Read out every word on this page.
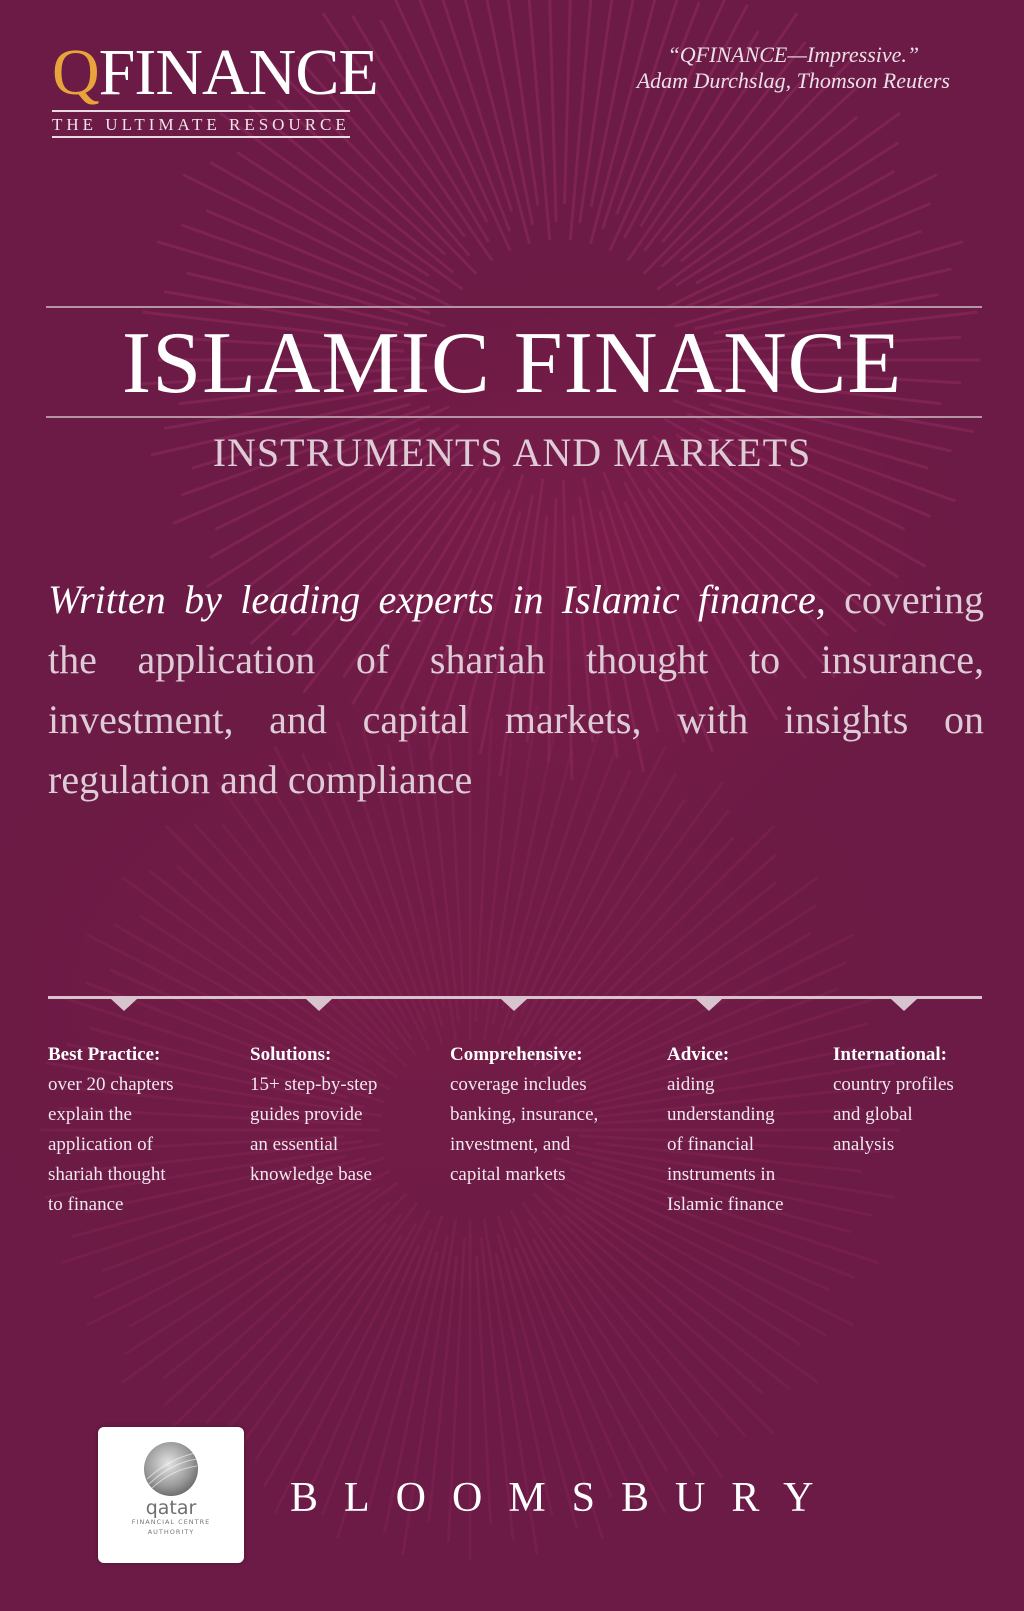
QFINANCE
THE ULTIMATE RESOURCE
“QFINANCE—Impressive.”
Adam Durchslag, Thomson Reuters
ISLAMIC FINANCE
INSTRUMENTS AND MARKETS
Written by leading experts in Islamic finance, covering the application of shariah thought to insurance, investment, and capital markets, with insights on regulation and compliance
Best Practice:
over 20 chapters
explain the
application of
shariah thought
to finance
Solutions:
15+ step-by-step
guides provide
an essential
knowledge base
Comprehensive:
coverage includes
banking, insurance,
investment, and
capital markets
Advice:
aiding
understanding
of financial
instruments in
Islamic finance
International:
country profiles
and global
analysis
qatar
FINANCIAL CENTRE
AUTHORITY
BLOOMSBURY
